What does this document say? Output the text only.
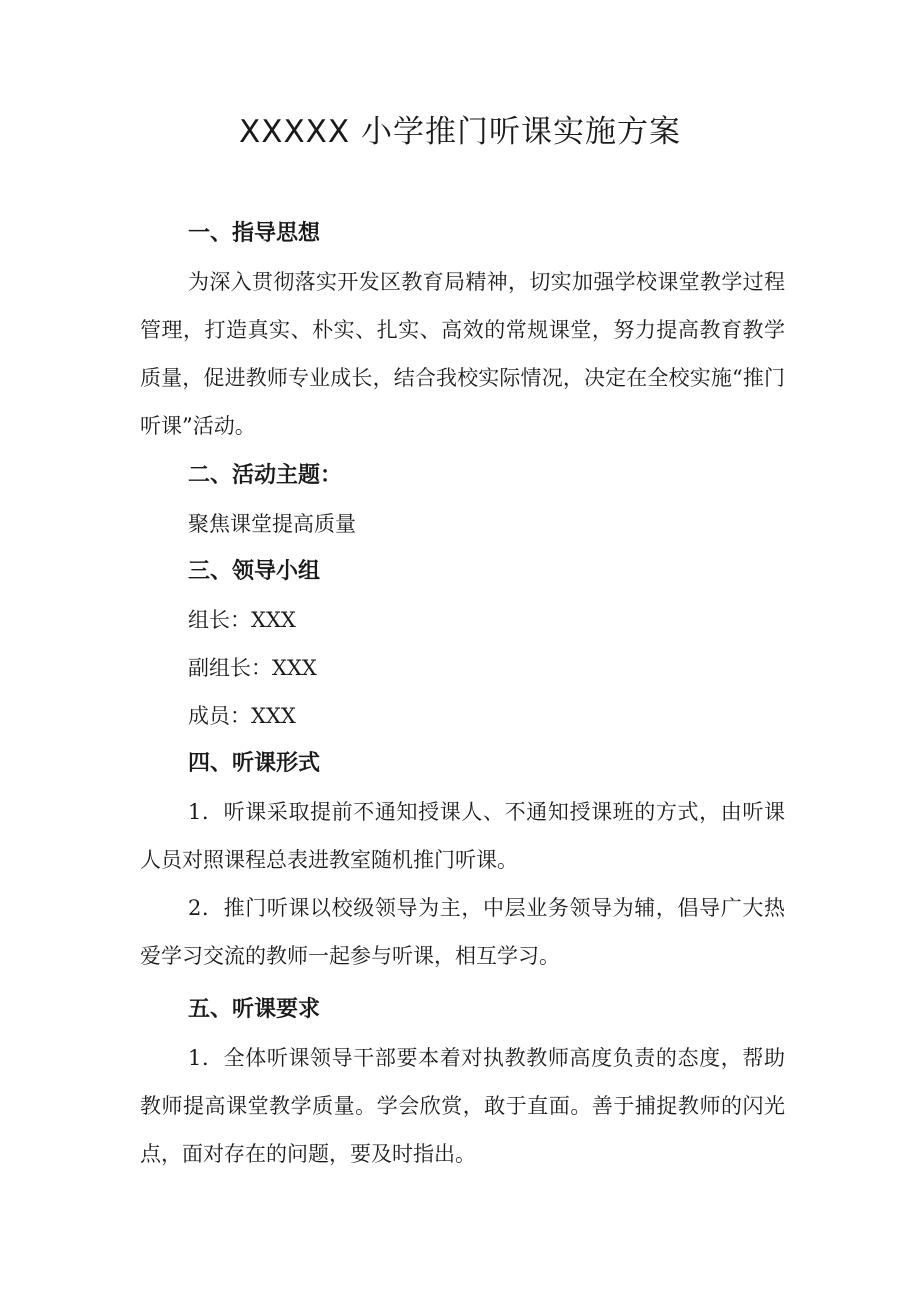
XXXXX 小学推门听课实施方案
一、指导思想

为深入贯彻落实开发区教育局精神，切实加强学校课堂教学过程管理，打造真实、朴实、扎实、高效的常规课堂，努力提高教育教学质量，促进教师专业成长，结合我校实际情况，决定在全校实施“推门听课”活动。

二、活动主题：

聚焦课堂提高质量

三、领导小组

组长：XXX

副组长：XXX

成员：XXX

四、听课形式

1．听课采取提前不通知授课人、不通知授课班的方式，由听课人员对照课程总表进教室随机推门听课。

2．推门听课以校级领导为主，中层业务领导为辅，倡导广大热爱学习交流的教师一起参与听课，相互学习。

五、听课要求

1．全体听课领导干部要本着对执教教师高度负责的态度，帮助教师提高课堂教学质量。学会欣赏，敢于直面。善于捕捉教师的闪光点，面对存在的问题，要及时指出。
